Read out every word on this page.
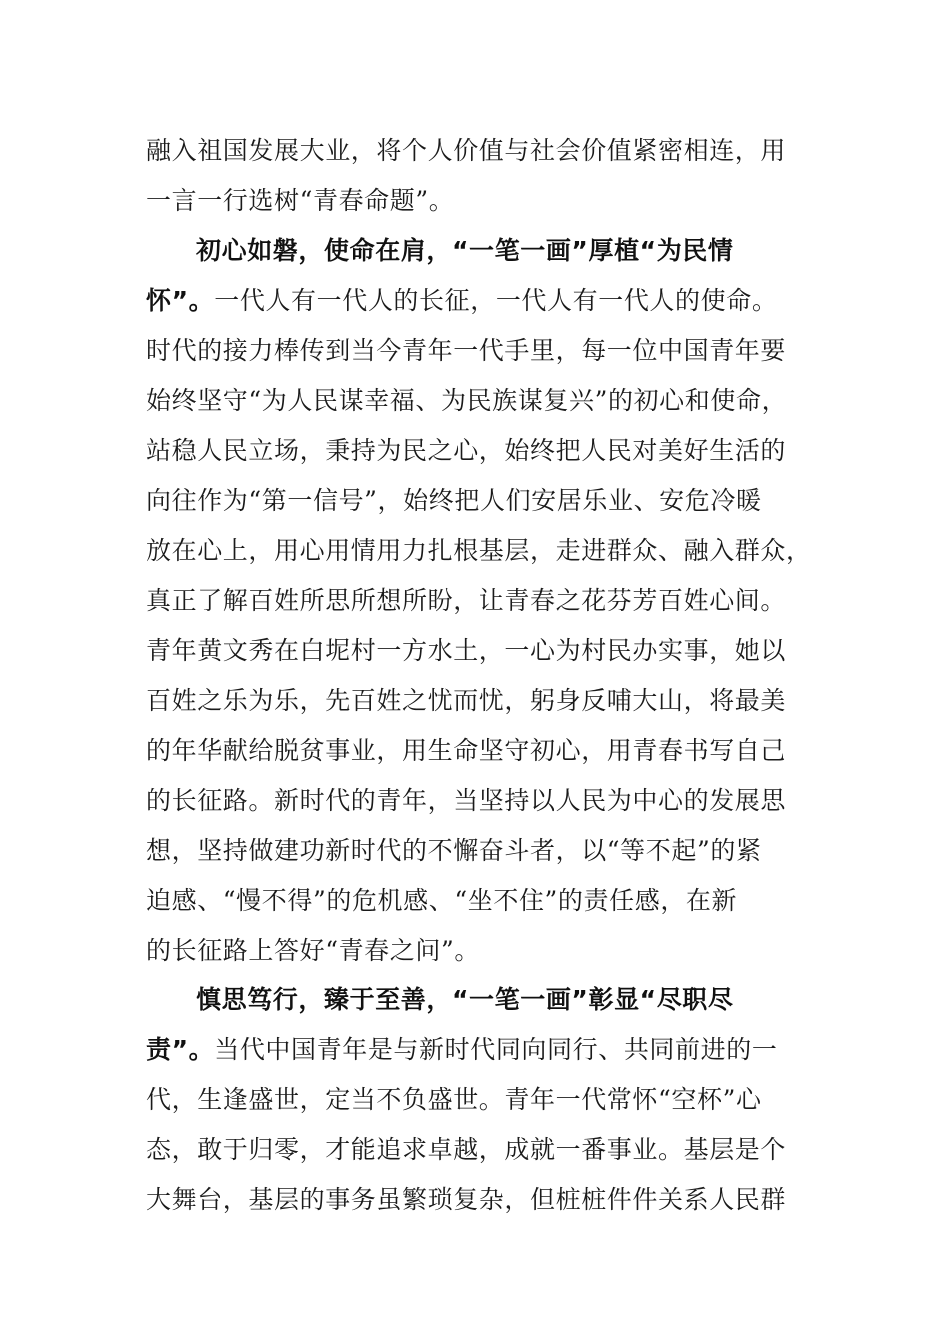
融入祖国发展大业，将个人价值与社会价值紧密相连，用
一言一行选树“青春命题”。
初心如磐，使命在肩，“一笔一画”厚植“为民情
怀”。一代人有一代人的长征，一代人有一代人的使命。
时代的接力棒传到当今青年一代手里，每一位中国青年要
始终坚守“为人民谋幸福、为民族谋复兴”的初心和使命，
站稳人民立场，秉持为民之心，始终把人民对美好生活的
向往作为“第一信号”，始终把人们安居乐业、安危冷暖
放在心上，用心用情用力扎根基层，走进群众、融入群众，
真正了解百姓所思所想所盼，让青春之花芬芳百姓心间。
青年黄文秀在白坭村一方水土，一心为村民办实事，她以
百姓之乐为乐，先百姓之忧而忧，躬身反哺大山，将最美
的年华献给脱贫事业，用生命坚守初心，用青春书写自己
的长征路。新时代的青年，当坚持以人民为中心的发展思
想，坚持做建功新时代的不懈奋斗者，以“等不起”的紧
迫感、“慢不得”的危机感、“坐不住”的责任感，在新
的长征路上答好“青春之问”。
慎思笃行，臻于至善，“一笔一画”彰显“尽职尽
责”。当代中国青年是与新时代同向同行、共同前进的一
代，生逢盛世，定当不负盛世。青年一代常怀“空杯”心
态，敢于归零，才能追求卓越，成就一番事业。基层是个
大舞台，基层的事务虽繁琐复杂，但桩桩件件关系人民群
